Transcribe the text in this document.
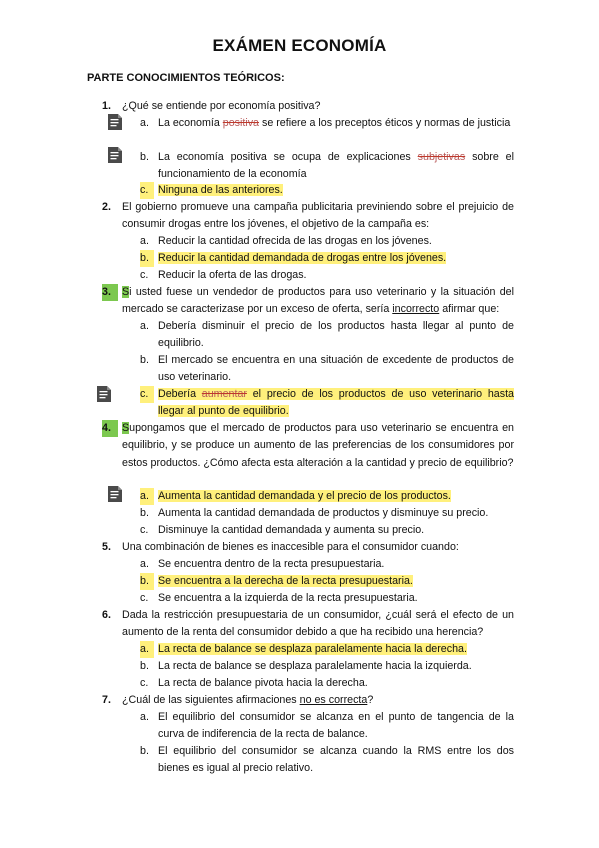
EXÁMEN ECONOMÍA
PARTE CONOCIMIENTOS TEÓRICOS:
1.	¿Qué se entiende por economía positiva?
a. La economía positiva se refiere a los preceptos éticos y normas de justicia
b. La economía positiva se ocupa de explicaciones subjetivas sobre el funcionamiento de la economía
c. Ninguna de las anteriores.
2.	El gobierno promueve una campaña publicitaria previniendo sobre el prejuicio de consumir drogas entre los jóvenes, el objetivo de la campaña es:
a. Reducir la cantidad ofrecida de las drogas en los jóvenes.
b. Reducir la cantidad demandada de drogas entre los jóvenes.
c. Reducir la oferta de las drogas.
3.	Si usted fuese un vendedor de productos para uso veterinario y la situación del mercado se caracterizase por un exceso de oferta, sería incorrecto afirmar que:
a. Debería disminuir el precio de los productos hasta llegar al punto de equilibrio.
b. El mercado se encuentra en una situación de excedente de productos de uso veterinario.
c. Debería aumentar el precio de los productos de uso veterinario hasta llegar al punto de equilibrio.
4.	Supongamos que el mercado de productos para uso veterinario se encuentra en equilibrio, y se produce un aumento de las preferencias de los consumidores por estos productos. ¿Cómo afecta esta alteración a la cantidad y precio de equilibrio?
a. Aumenta la cantidad demandada y el precio de los productos.
b. Aumenta la cantidad demandada de productos y disminuye su precio.
c. Disminuye la cantidad demandada y aumenta su precio.
5.	Una combinación de bienes es inaccesible para el consumidor cuando:
a. Se encuentra dentro de la recta presupuestaria.
b. Se encuentra a la derecha de la recta presupuestaria.
c. Se encuentra a la izquierda de la recta presupuestaria.
6.	Dada la restricción presupuestaria de un consumidor, ¿cuál será el efecto de un aumento de la renta del consumidor debido a que ha recibido una herencia?
a. La recta de balance se desplaza paralelamente hacia la derecha.
b. La recta de balance se desplaza paralelamente hacia la izquierda.
c. La recta de balance pivota hacia la derecha.
7.	¿Cuál de las siguientes afirmaciones no es correcta?
a. El equilibrio del consumidor se alcanza en el punto de tangencia de la curva de indiferencia de la recta de balance.
b. El equilibrio del consumidor se alcanza cuando la RMS entre los dos bienes es igual al precio relativo.
